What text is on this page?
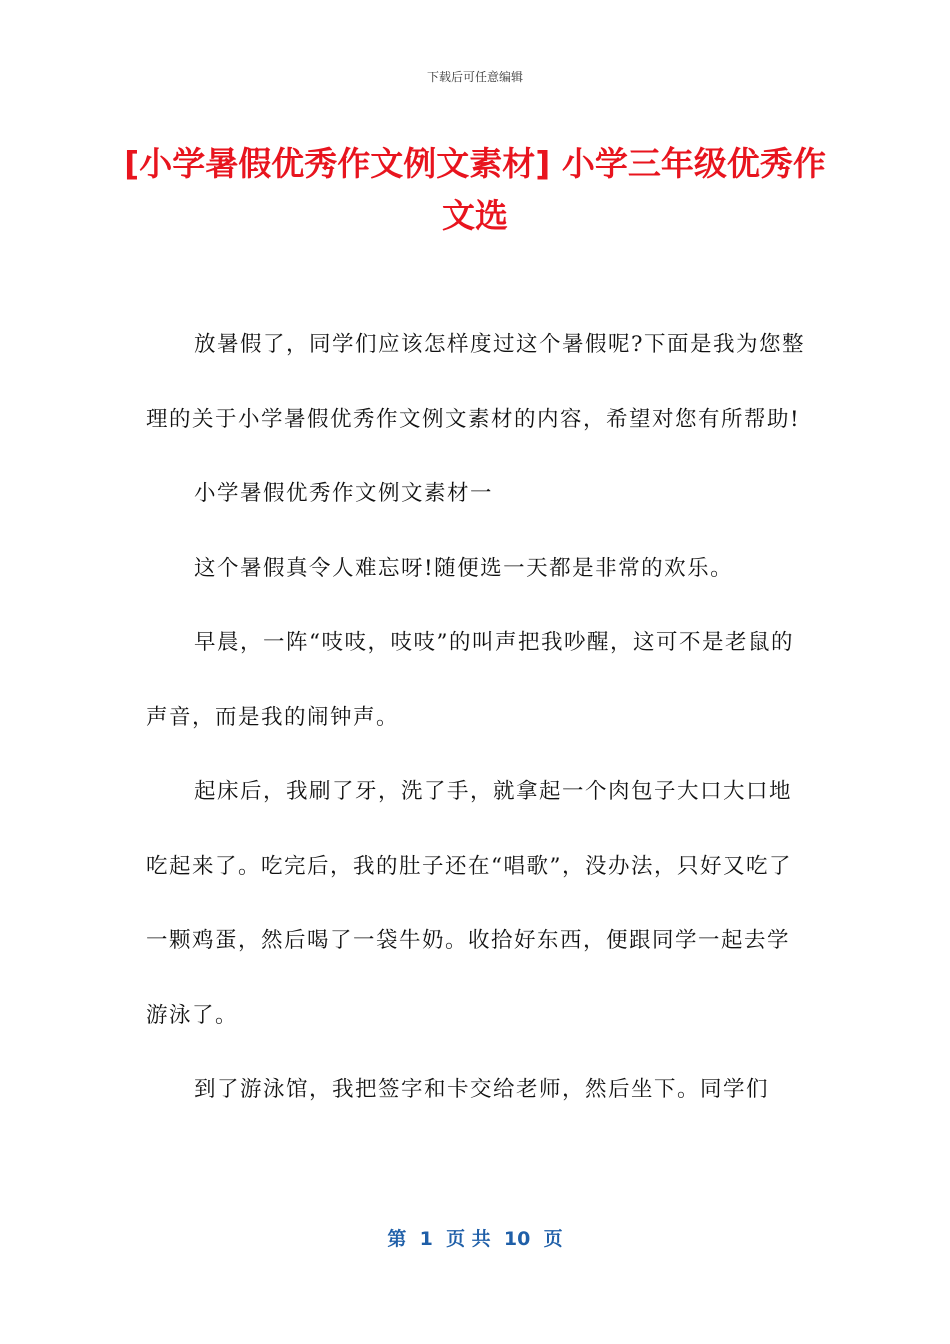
下载后可任意编辑
[小学暑假优秀作文例文素材] 小学三年级优秀作文选

放暑假了，同学们应该怎样度过这个暑假呢?下面是我为您整理的关于小学暑假优秀作文例文素材的内容，希望对您有所帮助!

小学暑假优秀作文例文素材一

这个暑假真令人难忘呀!随便选一天都是非常的欢乐。

早晨，一阵“吱吱，吱吱”的叫声把我吵醒，这可不是老鼠的声音，而是我的闹钟声。

起床后，我刷了牙，洗了手，就拿起一个肉包子大口大口地吃起来了。吃完后，我的肚子还在“唱歌”，没办法，只好又吃了一颗鸡蛋，然后喝了一袋牛奶。收拾好东西，便跟同学一起去学游泳了。

到了游泳馆，我把签字和卡交给老师，然后坐下。同学们

第  1  页 共  10  页
